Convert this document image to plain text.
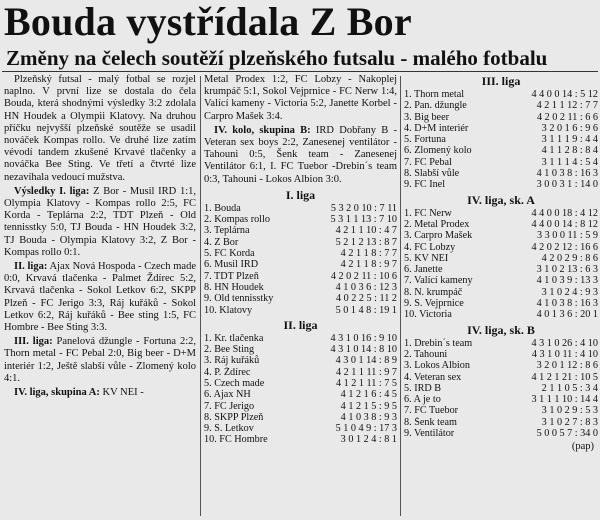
Bouda vystřídala Z Bor
Změny na čelech soutěží plzeňského futsalu - malého fotbalu

Plzeňský futsal - malý fotbal se rozjel naplno. V první lize se dostala do čela Bouda, která shodnými výsledky 3:2 zdolala HN Houdek a Olympii Klatovy. Na druhou příčku nejvyšší plzeňské soutěže se usadil nováček Kompas rollo. Ve druhé lize zatím vévodí tandem zkušené Krvavé tlačenky a nováčka Bee Sting. Ve třetí a čtvrté lize nezavíhala vedoucí mužstva.

Výsledky I. liga: Z Bor - Musil IRD 1:1, Olympia Klatovy - Kompas rollo 2:5, FC Korda - Teplárna 2:2, TDT Plzeň - Old tennisstky 5:0, TJ Bouda - HN Houdek 3:2, TJ Bouda - Olympia Klatovy 3:2, Z Bor - Kompas rollo 0:1.

II. liga: Ajax Nová Hospoda - Czech made 0:0, Krvavá tlačenka - Palmet Ždírec 5:2, Krvavá tlačenka - Sokol Letkov 6:2, SKPP Plzeň - FC Jerigo 3:3, Ráj kuřáků - Sokol Letkov 6:2, Ráj kuřáků - Bee sting 1:5, FC Hombre - Bee Sting 3:3.

III. liga: Panelová džungle - Fortuna 2:2, Thorn metal - FC Pebal 2:0, Big beer - D+M interiér 1:2, Ještě slabší vůle - Zlomený kolo 4:1.

IV. liga, skupina A: KV NEI -

Metal Prodex 1:2, FC Lobzy - Nakoplej krumpáč 5:1, Sokol Vejprnice - FC Nerw 1:4, Valící kameny - Victoria 5:2, Janette Korbel - Carpro Mašek 3:4.

IV. kolo, skupina B: IRD Dobřany B - Veteran sex boys 2:2, Zanesenej ventilátor - Tahouni 0:5, Šenk team - Zanesenej Ventilátor 6:1, I. FC Tuebor -Drebin´s team 0:3, Tahouni - Lokos Albion 3:0.

I. liga
1. Bouda	5 3 2 0 10 : 7 11
2. Kompas rollo	5 3 1 1 13 : 7 10
3. Teplárna	4 2 1 1 10 : 4 7
4. Z Bor	5 2 1 2 13 : 8 7
5. FC Korda	4 2 1 1 8 : 7 7
6. Musil IRD	4 2 1 1 8 : 9 7
7. TDT Plzeň	4 2 0 2 11 : 10 6
8. HN Houdek	4 1 0 3 6 : 12 3
9. Old tennisstky	4 0 2 2 5 : 11 2
10. Klatovy	5 0 1 4 8 : 19 1
II. liga
1. Kr. tlačenka	4 3 1 0 16 : 9 10
2. Bee Sting	4 3 1 0 14 : 8 10
3. Ráj kuřáků	4 3 0 1 14 : 8 9
4. P. Ždírec	4 2 1 1 11 : 9 7
5. Czech made	4 1 2 1 11 : 7 5
6. Ajax NH	4 1 2 1 6 : 4 5
7. FC Jerigo	4 1 2 1 5 : 9 5
8. SKPP Plzeň	4 1 0 3 8 : 9 3
9. S. Letkov	5 1 0 4 9 : 17 3
10. FC Hombre	3 0 1 2 4 : 8 1
III. liga
1. Thorn metal	4 4 0 0 14 : 5 12
2. Pan. džungle	4 2 1 1 12 : 7 7
3. Big beer	4 2 0 2 11 : 6 6
4. D+M interiér	3 2 0 1 6 : 9 6
5. Fortuna	3 1 1 1 9 : 4 4
6. Zlomený kolo	4 1 1 2 8 : 8 4
7. FC Pebal	3 1 1 1 4 : 5 4
8. Slabší vůle	4 1 0 3 8 : 16 3
9. FC Inel	3 0 0 3 1 : 14 0
IV. liga, sk. A
1. FC Nerw	4 4 0 0 18 : 4 12
2. Metal Prodex	4 4 0 0 14 : 8 12
3. Carpro Mašek	3 3 0 0 11 : 5 9
4. FC Lobzy	4 2 0 2 12 : 16 6
5. KV NEI	4 2 0 2 9 : 8 6
6. Janette	3 1 0 2 13 : 6 3
7. Valící kameny	4 1 0 3 9 : 13 3
8. N. krumpáč	3 1 0 2 4 : 9 3
9. S. Vejprnice	4 1 0 3 8 : 16 3
10. Victoria	4 0 1 3 6 : 20 1
IV. liga, sk. B
1. Drebin´s team	4 3 1 0 26 : 4 10
2. Tahouni	4 3 1 0 11 : 4 10
3. Lokos Albion	3 2 0 1 12 : 8 6
4. Veteran sex	4 1 2 1 21 : 10 5
5. IRD B	2 1 1 0 5 : 3 4
6. A je to	3 1 1 1 10 : 14 4
7. FC Tuebor	3 1 0 2 9 : 5 3
8. Šenk team	3 1 0 2 7 : 8 3
9. Ventilátor	5 0 0 5 7 : 34 0
(pap)
